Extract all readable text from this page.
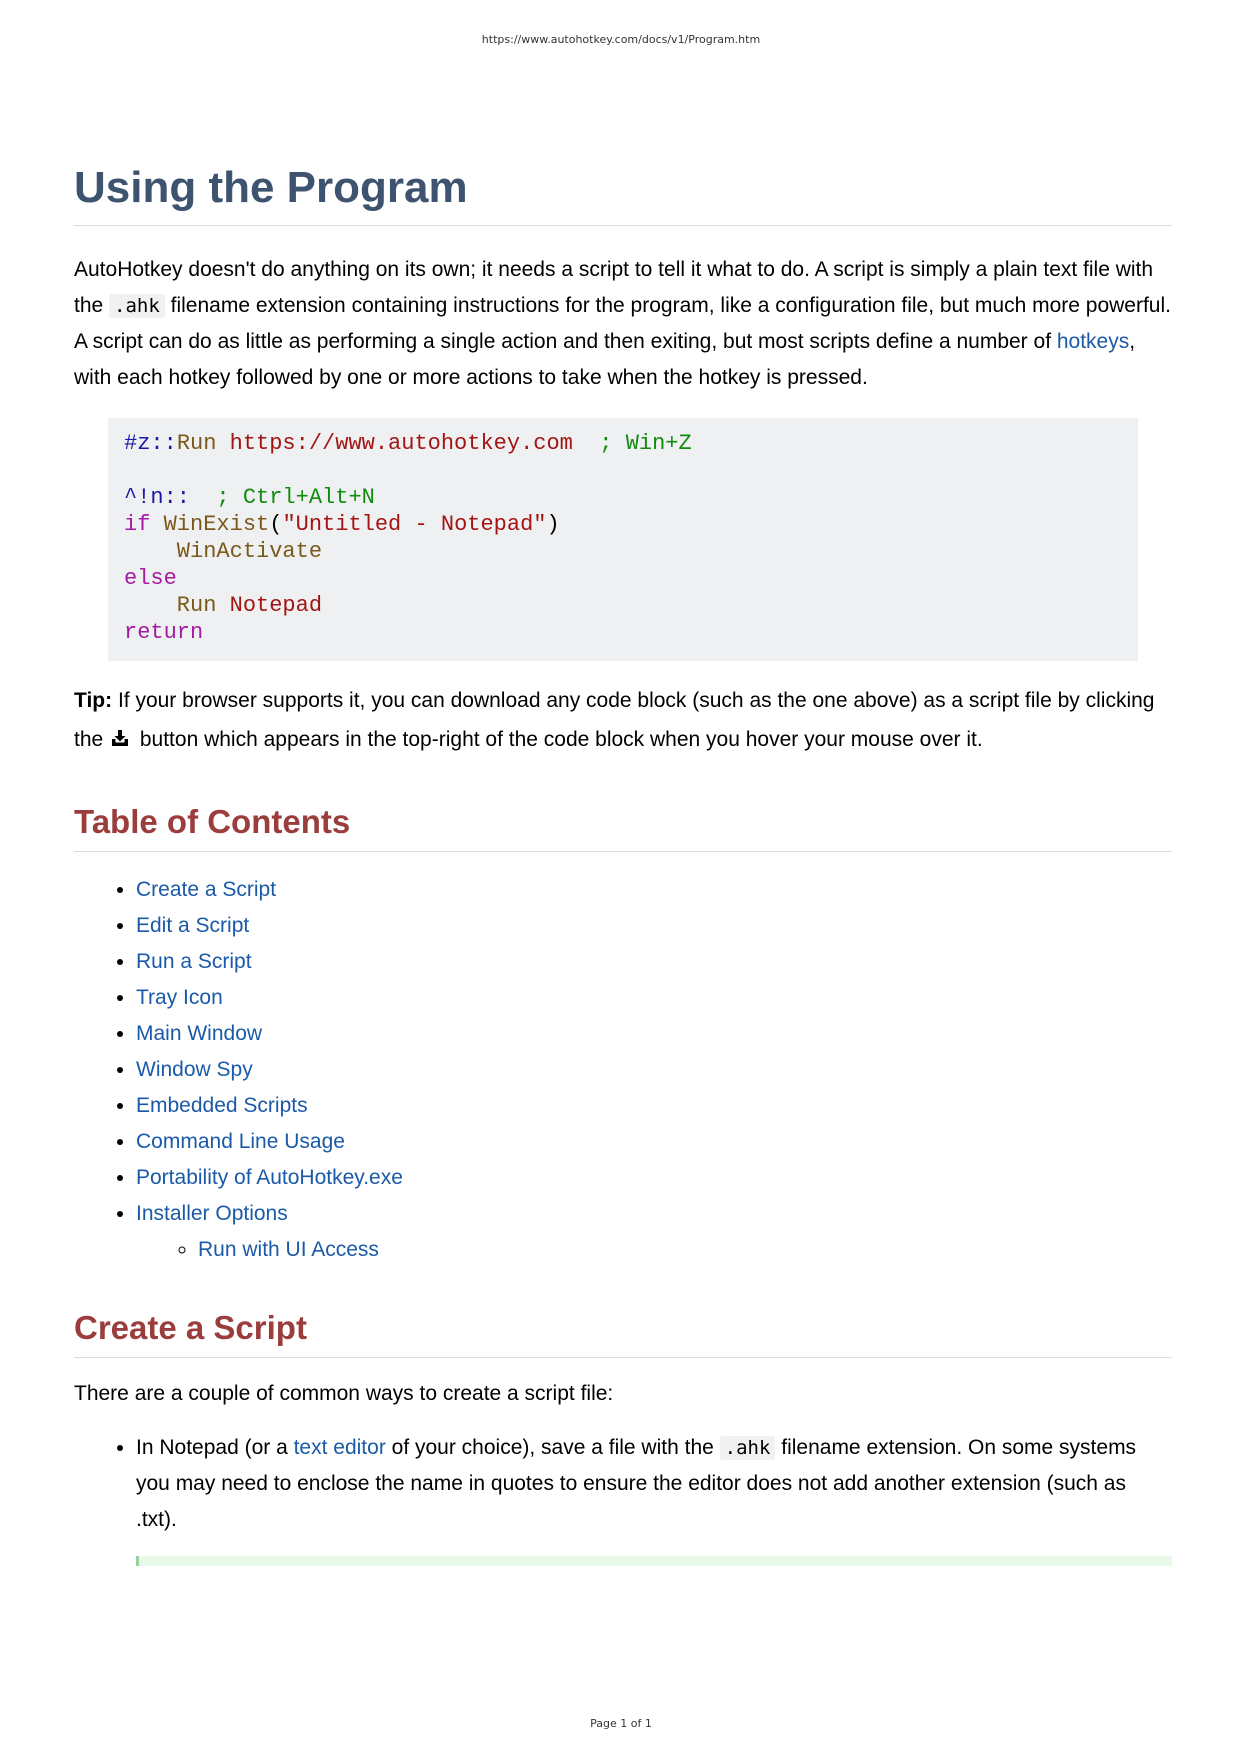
https://www.autohotkey.com/docs/v1/Program.htm
Using the Program

AutoHotkey doesn't do anything on its own; it needs a script to tell it what to do. A script is simply a plain text file with the .ahk filename extension containing instructions for the program, like a configuration file, but much more powerful. A script can do as little as performing a single action and then exiting, but most scripts define a number of hotkeys, with each hotkey followed by one or more actions to take when the hotkey is pressed.

#z::Run https://www.autohotkey.com  ; Win+Z

^!n::  ; Ctrl+Alt+N
if WinExist("Untitled - Notepad")
WinActivate
else
Run Notepad
return

Tip: If your browser supports it, you can download any code block (such as the one above) as a script file by clicking the  button which appears in the top-right of the code block when you hover your mouse over it.

Table of Contents
• Create a Script
• Edit a Script
• Run a Script
• Tray Icon
• Main Window
• Window Spy
• Embedded Scripts
• Command Line Usage
• Portability of AutoHotkey.exe
• Installer Options
◦ Run with UI Access
Create a Script

There are a couple of common ways to create a script file:

• In Notepad (or a text editor of your choice), save a file with the .ahk filename extension. On some systems you may need to enclose the name in quotes to ensure the editor does not add another extension (such as .txt).
Page 1 of 1
